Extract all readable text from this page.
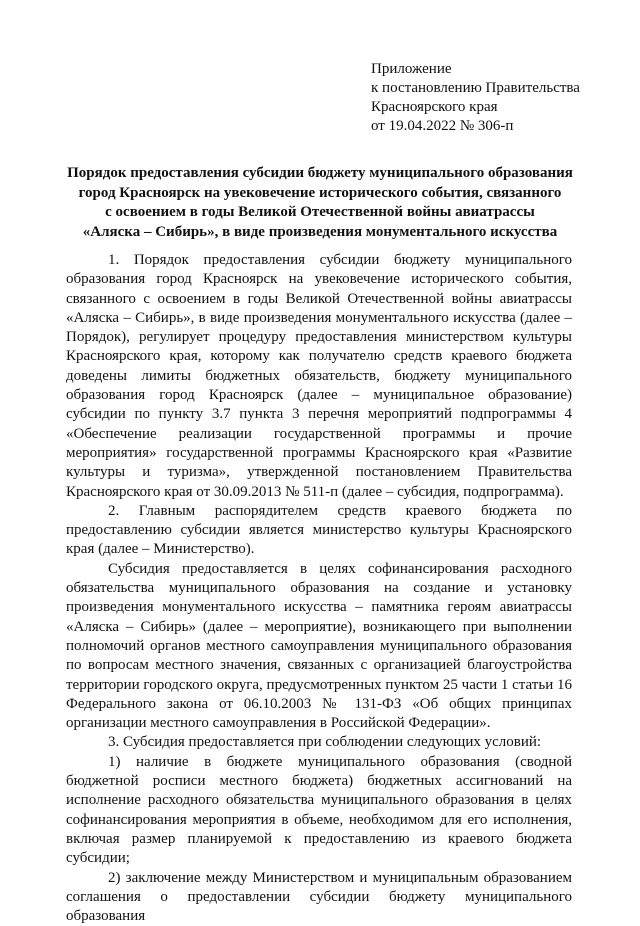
Приложение
к постановлению Правительства
Красноярского края
от 19.04.2022 № 306-п
Порядок предоставления субсидии бюджету муниципального образования
город Красноярск на увековечение исторического события, связанного
с освоением в годы Великой Отечественной войны авиатрассы
«Аляска – Сибирь», в виде произведения монументального искусства

1. Порядок предоставления субсидии бюджету муниципального образования город Красноярск на увековечение исторического события, связанного с освоением в годы Великой Отечественной войны авиатрассы «Аляска – Сибирь», в виде произведения монументального искусства (далее – Порядок), регулирует процедуру предоставления министерством культуры Красноярского края, которому как получателю средств краевого бюджета доведены лимиты бюджетных обязательств, бюджету муниципального образования город Красноярск (далее – муниципальное образование) субсидии по пункту 3.7 пункта 3 перечня мероприятий подпрограммы 4 «Обеспечение реализации государственной программы и прочие мероприятия» государственной программы Красноярского края «Развитие культуры и туризма», утвержденной постановлением Правительства Красноярского края от 30.09.2013 № 511-п (далее – субсидия, подпрограмма).

2. Главным распорядителем средств краевого бюджета по предоставлению субсидии является министерство культуры Красноярского края (далее – Министерство).

Субсидия предоставляется в целях софинансирования расходного обязательства муниципального образования на создание и установку произведения монументального искусства – памятника героям авиатрассы «Аляска – Сибирь» (далее – мероприятие), возникающего при выполнении полномочий органов местного самоуправления муниципального образования по вопросам местного значения, связанных с организацией благоустройства территории городского округа, предусмотренных пунктом 25 части 1 статьи 16 Федерального закона от 06.10.2003 № 131-ФЗ «Об общих принципах организации местного самоуправления в Российской Федерации».

3. Субсидия предоставляется при соблюдении следующих условий:

1) наличие в бюджете муниципального образования (сводной бюджетной росписи местного бюджета) бюджетных ассигнований на исполнение расходного обязательства муниципального образования в целях софинансирования мероприятия в объеме, необходимом для его исполнения, включая размер планируемой к предоставлению из краевого бюджета субсидии;

2) заключение между Министерством и муниципальным образованием соглашения о предоставлении субсидии бюджету муниципального образования
